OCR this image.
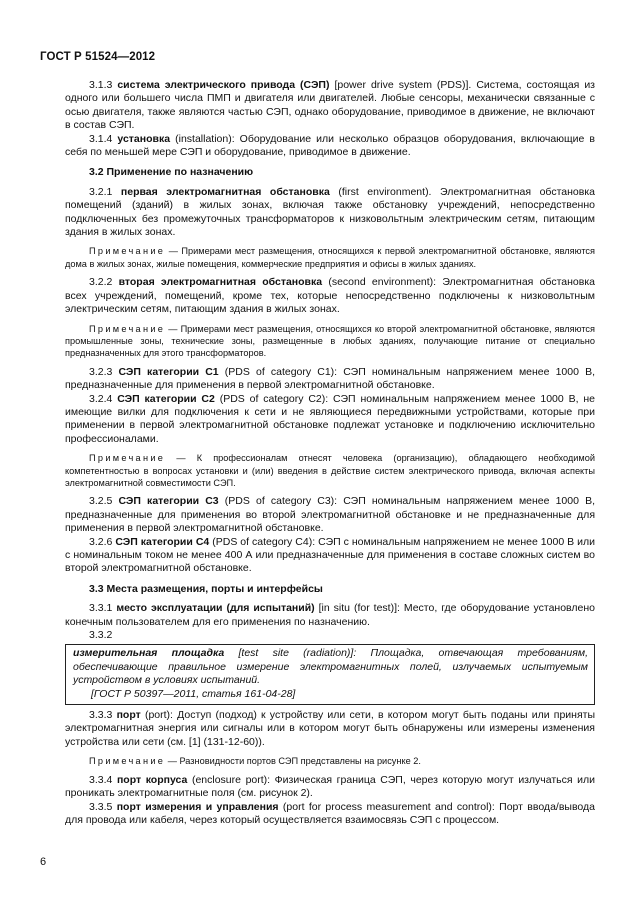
ГОСТ Р 51524—2012

3.1.3 система электрического привода (СЭП) [power drive system (PDS)]. Система, состоящая из одного или большего числа ПМП и двигателя или двигателей. Любые сенсоры, механически связанные с осью двигателя, также являются частью СЭП, однако оборудование, приводимое в движение, не включают в состав СЭП.

3.1.4 установка (installation): Оборудование или несколько образцов оборудования, включающие в себя по меньшей мере СЭП и оборудование, приводимое в движение.

3.2 Применение по назначению

3.2.1 первая электромагнитная обстановка (first environment). Электромагнитная обстановка помещений (зданий) в жилых зонах, включая также обстановку учреждений, непосредственно подключенных без промежуточных трансформаторов к низковольтным электрическим сетям, питающим здания в жилых зонах.

Примечание — Примерами мест размещения, относящихся к первой электромагнитной обстановке, являются дома в жилых зонах, жилые помещения, коммерческие предприятия и офисы в жилых зданиях.

3.2.2 вторая электромагнитная обстановка (second environment): Электромагнитная обстановка всех учреждений, помещений, кроме тех, которые непосредственно подключены к низковольтным электрическим сетям, питающим здания в жилых зонах.

Примечание — Примерами мест размещения, относящихся ко второй электромагнитной обстановке, являются промышленные зоны, технические зоны, размещенные в любых зданиях, получающие питание от специально предназначенных для этого трансформаторов.

3.2.3 СЭП категории С1 (PDS of category C1): СЭП номинальным напряжением менее 1000 В, предназначенные для применения в первой электромагнитной обстановке.

3.2.4 СЭП категории С2 (PDS of category C2): СЭП номинальным напряжением менее 1000 В, не имеющие вилки для подключения к сети и не являющиеся передвижными устройствами, которые при применении в первой электромагнитной обстановке подлежат установке и подключению исключительно профессионалами.

Примечание — К профессионалам отнесят человека (организацию), обладающего необходимой компетентностью в вопросах установки и (или) введения в действие систем электрического привода, включая аспекты электромагнитной совместимости СЭП.

3.2.5 СЭП категории С3 (PDS of category C3): СЭП номинальным напряжением менее 1000 В, предназначенные для применения во второй электромагнитной обстановке и не предназначенные для применения в первой электромагнитной обстановке.

3.2.6 СЭП категории С4 (PDS of category C4): СЭП с номинальным напряжением не менее 1000 В или с номинальным током не менее 400 А или предназначенные для применения в составе сложных систем во второй электромагнитной обстановке.

3.3 Места размещения, порты и интерфейсы

3.3.1 место эксплуатации (для испытаний) [in situ (for test)]: Место, где оборудование установлено конечным пользователем для его применения по назначению.

3.3.2

измерительная площадка [test site (radiation)]: Площадка, отвечающая требованиям, обеспечивающие правильное измерение электромагнитных полей, излучаемых испытуемым устройством в условиях испытаний.

[ГОСТ Р 50397—2011, статья 161-04-28]

3.3.3 порт (port): Доступ (подход) к устройству или сети, в котором могут быть поданы или приняты электромагнитная энергия или сигналы или в котором могут быть обнаружены или измерены изменения устройства или сети (см. [1] (131-12-60)).

Примечание — Разновидности портов СЭП представлены на рисунке 2.

3.3.4 порт корпуса (enclosure port): Физическая граница СЭП, через которую могут излучаться или проникать электромагнитные поля (см. рисунок 2).

3.3.5 порт измерения и управления (port for process measurement and control): Порт ввода/вывода для провода или кабеля, через который осуществляется взаимосвязь СЭП с процессом.

6
